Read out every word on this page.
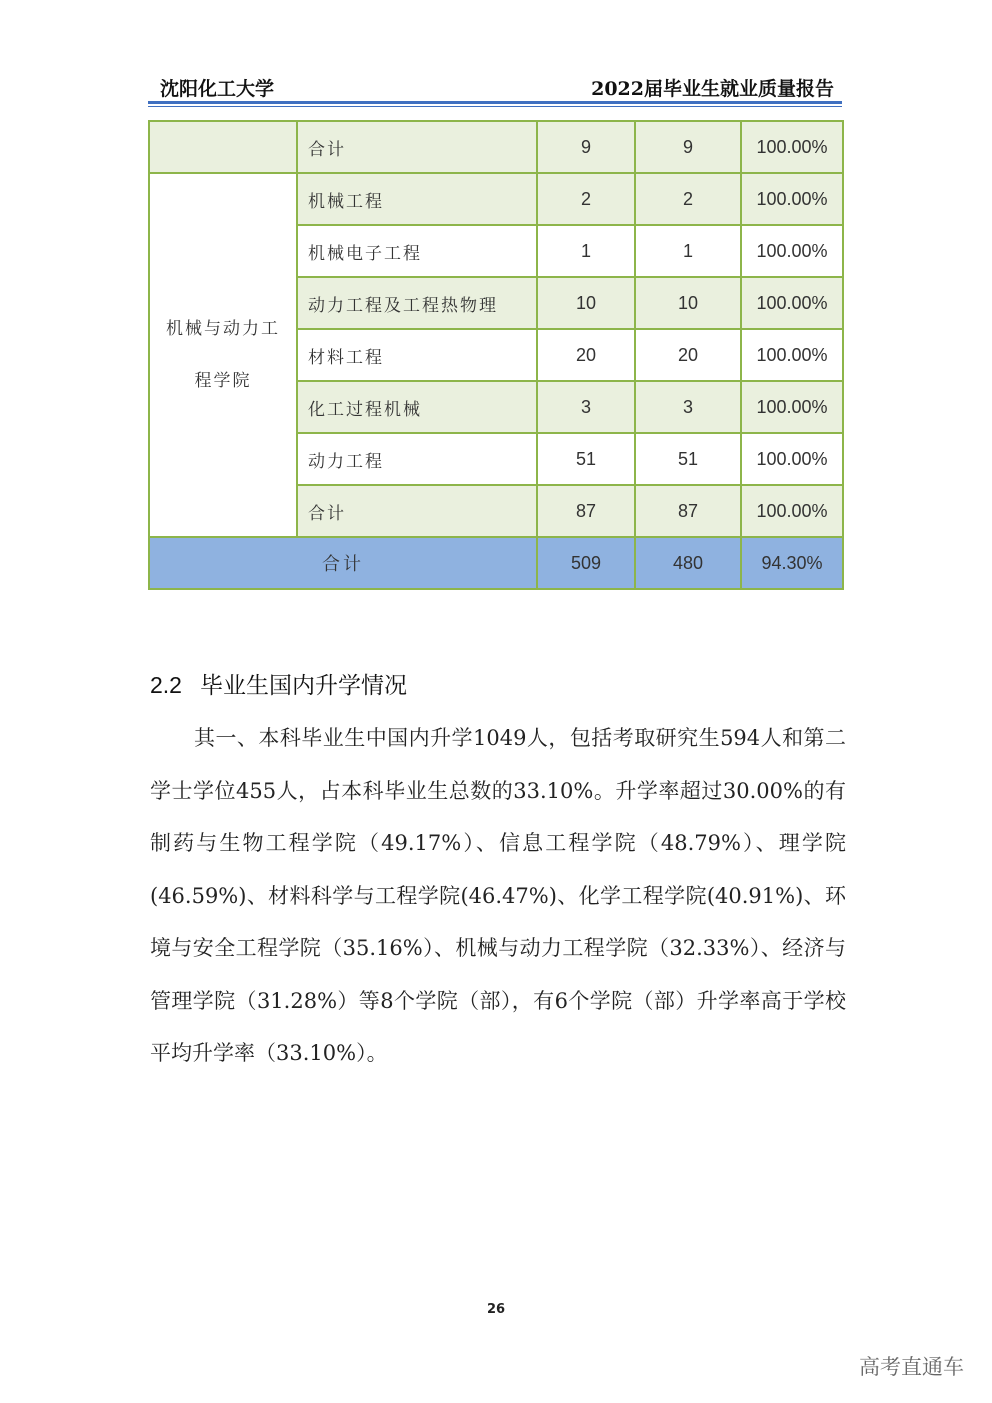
沈阳化工大学	2022届毕业生就业质量报告
	合计	9	9	100.00%
机械与动力工程学院	机械工程	2	2	100.00%
	机械电子工程	1	1	100.00%
	动力工程及工程热物理	10	10	100.00%
	材料工程	20	20	100.00%
	化工过程机械	3	3	100.00%
	动力工程	51	51	100.00%
	合计	87	87	100.00%
合计		509	480	94.30%
2.2 毕业生国内升学情况
其一、本科毕业生中国内升学1049人，包括考取研究生594人和第二学士学位455人，占本科毕业生总数的33.10%。升学率超过30.00%的有制药与生物工程学院（49.17%）、信息工程学院（48.79%）、理学院(46.59%)、材料科学与工程学院(46.47%)、化学工程学院(40.91%)、环境与安全工程学院（35.16%）、机械与动力工程学院（32.33%）、经济与管理学院（31.28%）等8个学院（部），有6个学院（部）升学率高于学校平均升学率（33.10%）。
26
高考直通车
